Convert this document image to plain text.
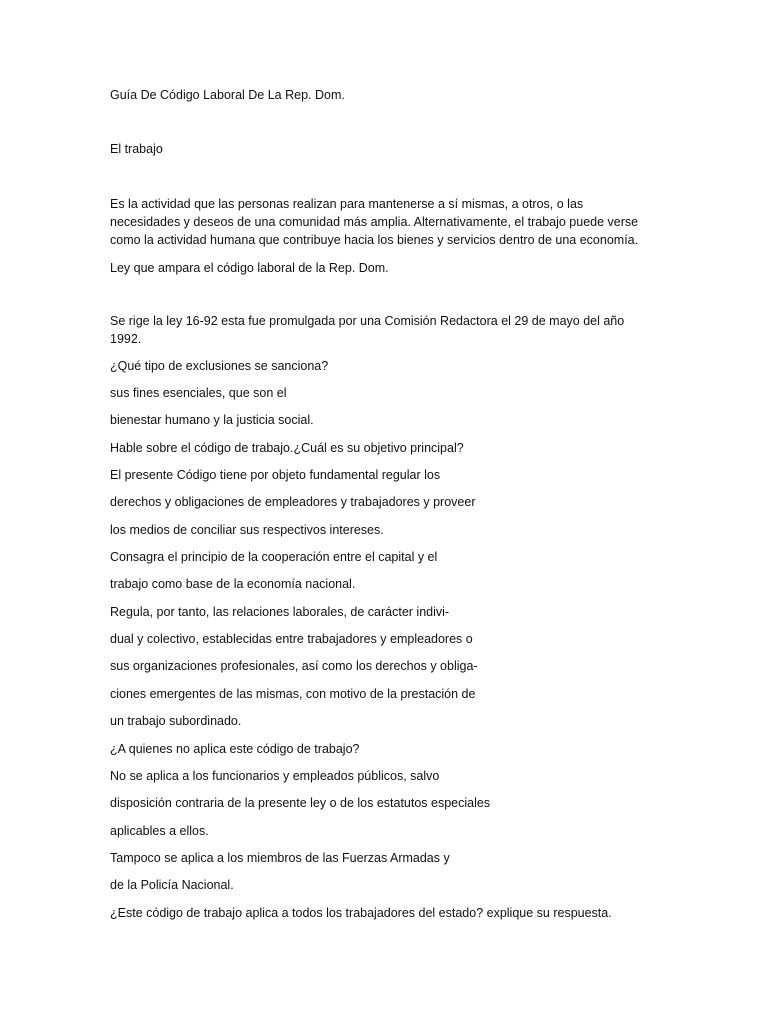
Guía De Código Laboral De La Rep. Dom.

El trabajo

Es la actividad que las personas realizan para mantenerse a sí mismas, a otros, o las
necesidades y deseos de una comunidad más amplia. Alternativamente, el trabajo puede verse
como la actividad humana que contribuye hacia los bienes y servicios dentro de una economía.

Ley que ampara el código laboral de la Rep. Dom.

Se rige la ley 16-92 esta fue promulgada por una Comisión Redactora el 29 de mayo del año
1992.

¿Qué tipo de exclusiones se sanciona?

sus fines esenciales, que son el

bienestar humano y la justicia social.

Hable sobre el código de trabajo.¿Cuál es su objetivo principal?

El presente Código tiene por objeto fundamental regular los

derechos y obligaciones de empleadores y trabajadores y proveer

los medios de conciliar sus respectivos intereses.

Consagra el principio de la cooperación entre el capital y el

trabajo como base de la economía nacional.

Regula, por tanto, las relaciones laborales, de carácter indivi-

dual y colectivo, establecidas entre trabajadores y empleadores o

sus organizaciones profesionales, así como los derechos y obliga-

ciones emergentes de las mismas, con motivo de la prestación de

un trabajo subordinado.

¿A quienes no aplica este código de trabajo?

No se aplica a los funcionarios y empleados públicos, salvo

disposición contraria de la presente ley o de los estatutos especiales

aplicables a ellos.

Tampoco se aplica a los miembros de las Fuerzas Armadas y

de la Policía Nacional.

¿Este código de trabajo aplica a todos los trabajadores del estado? explique su respuesta.
